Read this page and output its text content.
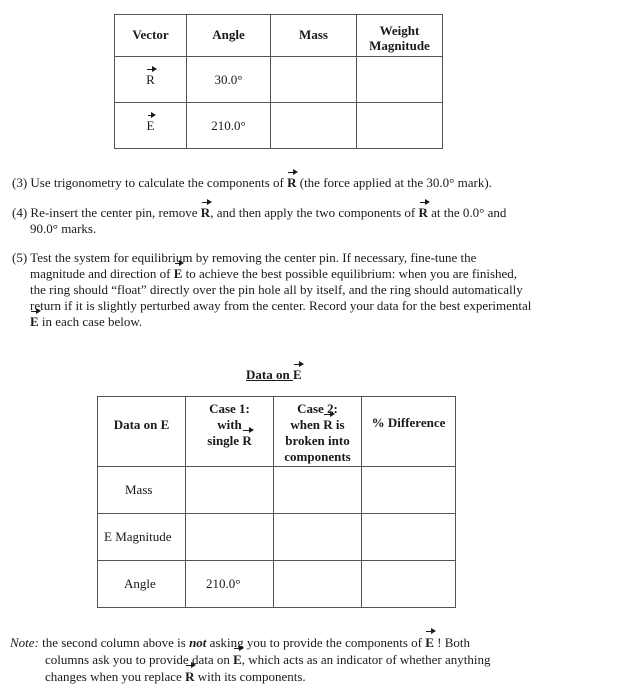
Vector	Angle	Mass	Weight
Magnitude
R	30.0°		
E	210.0°		
(3) Use trigonometry to calculate the components of R (the force applied at the 30.0° mark).
(4) Re-insert the center pin, remove R, and then apply the two components of R at the 0.0° and
90.0° marks.
(5) Test the system for equilibrium by removing the center pin. If necessary, fine-tune the
magnitude and direction of E to achieve the best possible equilibrium: when you are finished,
the ring should “float” directly over the pin hole all by itself, and the ring should automatically
return if it is slightly perturbed away from the center. Record your data for the best experimental
E in each case below.
Data on E
Data on E	Case 1:
with
single R	Case 2:
when R is
broken into
components	% Difference
Mass			
E Magnitude			
Angle	210.0°		
Note: the second column above is not asking you to provide the components of E ! Both
columns ask you to provide data on E, which acts as an indicator of whether anything
changes when you replace R with its components.
